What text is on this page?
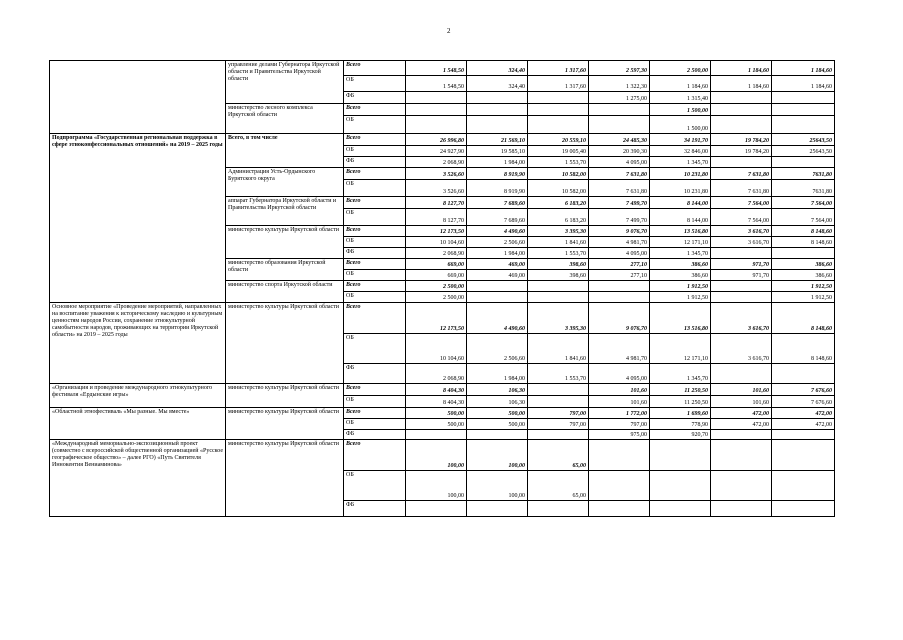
2
	управление делами Губернатора Иркутской области и Правительства Иркутской области	Всего	1 548,50	324,40	1 317,60	2 597,30	2 500,00	1 184,60	1 184,60
		ОБ	1 548,50	324,40	1 317,60	1 322,30	1 184,60	1 184,60	1 184,60
		ФБ				1 275,00	1 315,40		
	министерство лесного комплекса Иркутской области	Всего					1 500,00		
		ОБ					1 500,00		
Подпрограмма «Государственная региональная поддержка в сфере этноконфессиональных отношений» на 2019 – 2025 годы	Всего, в том числе	Всего	26 996,80	21 569,10	20 559,10	24 485,30	34 191,70	19 784,20	25643,50
		ОБ	24 927,90	19 585,10	19 005,40	20 390,30	32 846,00	19 784,20	25643,50
		ФБ	2 068,90	1 984,00	1 553,70	4 095,00	1 345,70		
	Администрация Усть-Ордынского Бурятского округа	Всего	3 526,60	8 919,90	10 582,00	7 631,80	10 231,80	7 631,80	7631,80
		ОБ	3 526,60	8 919,90	10 582,00	7 631,80	10 231,80	7 631,80	7631,80
	аппарат Губернатора Иркутской области и Правительства Иркутской области	Всего	8 127,70	7 689,60	6 183,20	7 499,70	8 144,00	7 564,00	7 564,00
		ОБ	8 127,70	7 689,60	6 183,20	7 499,70	8 144,00	7 564,00	7 564,00
	министерство культуры Иркутской области	Всего	12 173,50	4 490,60	3 395,30	9 076,70	13 516,80	3 616,70	8 148,60
		ОБ	10 104,60	2 506,60	1 841,60	4 981,70	12 171,10	3 616,70	8 148,60
		ФБ	2 068,90	1 984,00	1 553,70	4 095,00	1 345,70		
	министерство образования Иркутской области	Всего	669,00	469,00	398,60	277,10	386,60	971,70	386,60
		ОБ	669,00	469,00	398,60	277,10	386,60	971,70	386,60
	министерство спорта Иркутской области	Всего	2 500,00				1 912,50		1 912,50
		ОБ	2 500,00				1 912,50		1 912,50
Основное мероприятие «Проведение мероприятий, направленных на воспитание уважения к историческому наследию и культурным ценностям народов России, сохранение этнокультурной самобытности народов, проживающих на территории Иркутской области» на 2019 – 2025 годы	министерство культуры Иркутской области	Всего	12 173,50	4 490,60	3 395,30	9 076,70	13 516,80	3 616,70	8 148,60
		ОБ	10 104,60	2 506,60	1 841,60	4 981,70	12 171,10	3 616,70	8 148,60
		ФБ	2 068,90	1 984,00	1 553,70	4 095,00	1 345,70		
«Организация и проведение международного этнокультурного фестиваля «Ердынские игры»	министерство культуры Иркутской области	Всего	8 404,30	106,30		101,60	11 250,50	101,60	7 676,60
		ОБ	8 404,30	106,30		101,60	11 250,50	101,60	7 676,60
«Областной этнофестиваль «Мы разные. Мы вместе»	министерство культуры Иркутской области	Всего	500,00	500,00	797,00	1 772,00	1 699,60	472,00	472,00
		ОБ	500,00	500,00	797,00	797,00	778,90	472,00	472,00
		ФБ				975,00	920,70		
«Международный мемориально-экспозиционный проект (совместно с всероссийской общественной организацией «Русское географическое общество» – далее РГО) «Путь Святителя Иннокентия Вениаминова»	министерство культуры Иркутской области	Всего	100,00	100,00	65,00				
		ОБ	100,00	100,00	65,00				
		ФБ							
